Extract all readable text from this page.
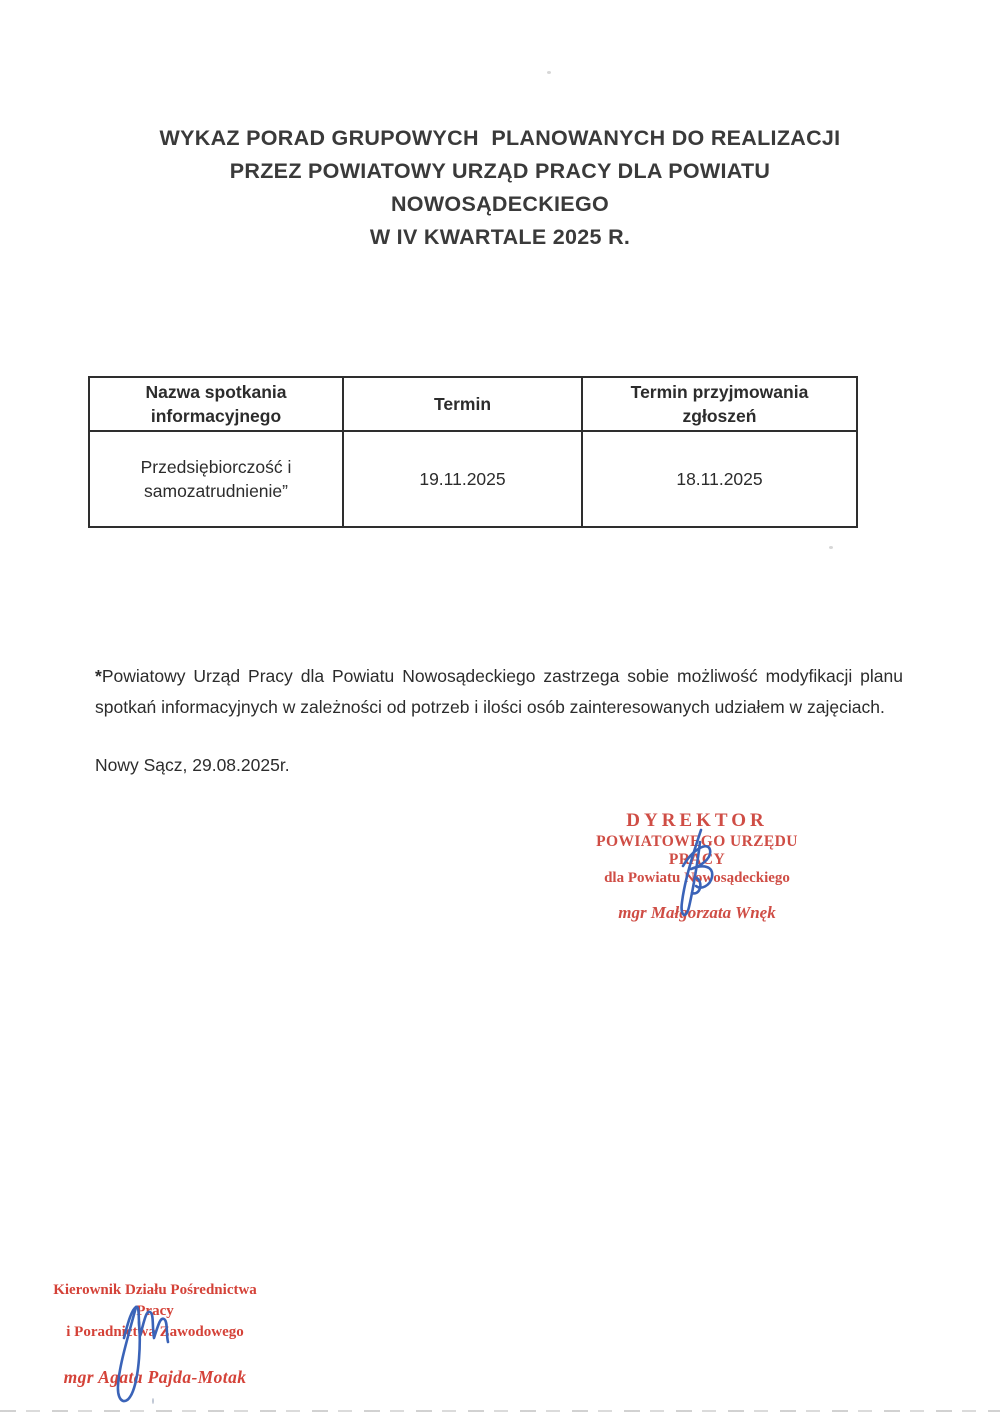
WYKAZ PORAD GRUPOWYCH  PLANOWANYCH DO REALIZACJI
PRZEZ POWIATOWY URZĄD PRACY DLA POWIATU
NOWOSĄDECKIEGO
W IV KWARTALE 2025 R.
Nazwa spotkania informacyjnego	Termin	Termin przyjmowania zgłoszeń
Przedsiębiorczość i samozatrudnienie”	19.11.2025	18.11.2025

*Powiatowy Urząd Pracy dla Powiatu Nowosądeckiego zastrzega sobie możliwość modyfikacji planu spotkań informacyjnych w zależności od potrzeb i ilości osób zainteresowanych udziałem w zajęciach.

Nowy Sącz, 29.08.2025r.
DYREKTOR
POWIATOWEGO URZĘDU PRACY
dla Powiatu Nowosądeckiego
mgr Małgorzata Wnęk
Kierownik Działu Pośrednictwa Pracy
i Poradnictwa Zawodowego
mgr Agata Pajda-Motak
